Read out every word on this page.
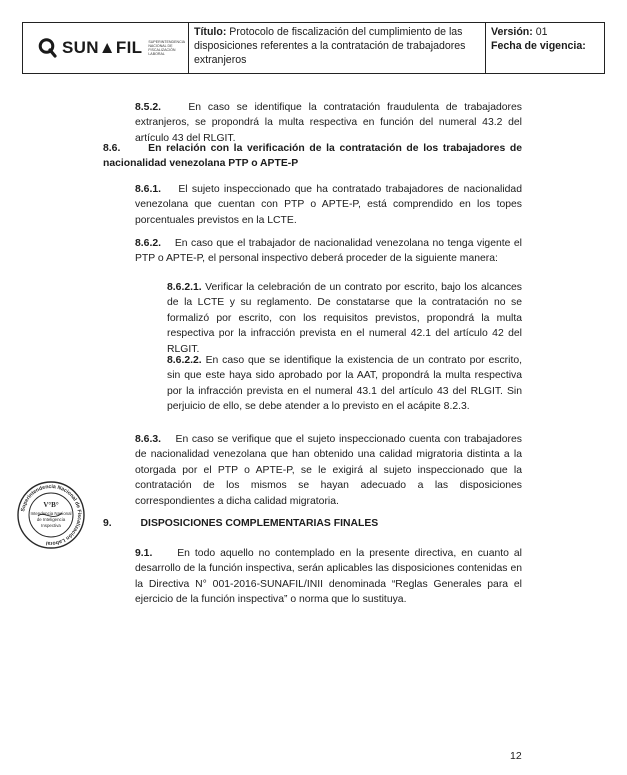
SUN▲FIL SUPERINTENDENCIA NACIONAL DE FISCALIZACIÓN LABORAL
	Título: Protocolo de fiscalización del cumplimiento de las disposiciones referentes a la contratación de trabajadores extranjeros	
Versión: 01
Fecha de vigencia:
8.5.2.	En caso se identifique la contratación fraudulenta de trabajadores extranjeros, se propondrá la multa respectiva en función del numeral 43.2 del artículo 43 del RLGIT.
8.6.	En relación con la verificación de la contratación de los trabajadores de nacionalidad venezolana PTP o APTE-P
8.6.1. El sujeto inspeccionado que ha contratado trabajadores de nacionalidad venezolana que cuentan con PTP o APTE-P, está comprendido en los topes porcentuales previstos en la LCTE.
8.6.2. En caso que el trabajador de nacionalidad venezolana no tenga vigente el PTP o APTE-P, el personal inspectivo deberá proceder de la siguiente manera:
8.6.2.1. Verificar la celebración de un contrato por escrito, bajo los alcances de la LCTE y su reglamento. De constatarse que la contratación no se formalizó por escrito, con los requisitos previstos, propondrá la multa respectiva por la infracción prevista en el numeral 42.1 del artículo 42 del RLGIT.
8.6.2.2. En caso que se identifique la existencia de un contrato por escrito, sin que este haya sido aprobado por la AAT, propondrá la multa respectiva por la infracción prevista en el numeral 43.1 del artículo 43 del RLGIT. Sin perjuicio de ello, se debe atender a lo previsto en el acápite 8.2.3.
8.6.3. En caso se verifique que el sujeto inspeccionado cuenta con trabajadores de nacionalidad venezolana que han obtenido una calidad migratoria distinta a la otorgada por el PTP o APTE-P, se le exigirá al sujeto inspeccionado que la contratación de los mismos se hayan adecuado a las disposiciones correspondientes a dicha calidad migratoria.
9.	DISPOSICIONES COMPLEMENTARIAS FINALES
9.1. En todo aquello no contemplado en la presente directiva, en cuanto al desarrollo de la función inspectiva, serán aplicables las disposiciones contenidas en la Directiva N° 001-2016-SUNAFIL/INII denominada “Reglas Generales para el ejercicio de la función inspectiva” o norma que lo sustituya.
Superintendencia Nacional de Fiscalización Laboral
V°B°
Intendencia Nacional
de Inteligencia
Inspectiva
12
